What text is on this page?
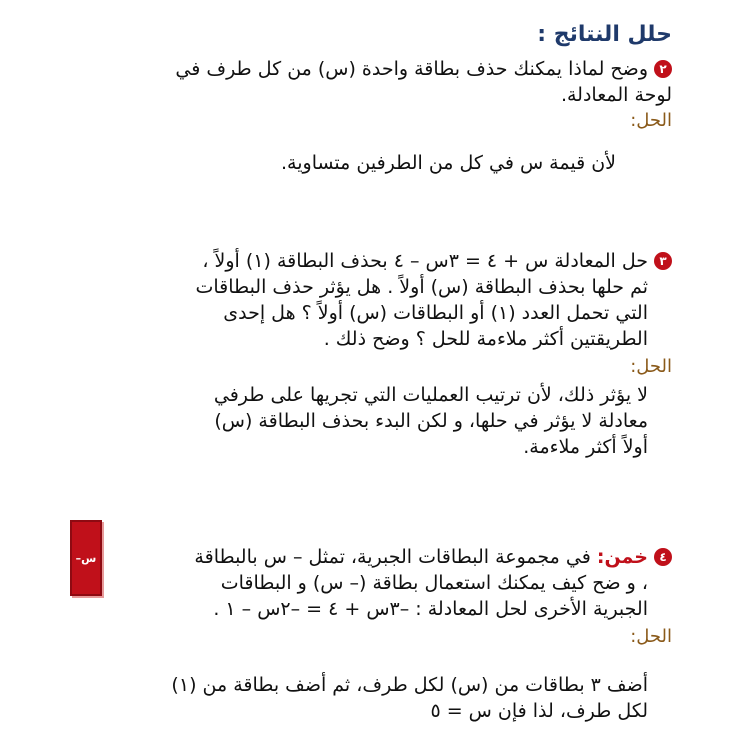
حلل النتائج :
٢وضح لماذا يمكنك حذف بطاقة واحدة (س) من كل طرف في
لوحة المعادلة.
الحل:
لأن قيمة س في كل من الطرفين متساوية.
٣حل المعادلة س + ٤ = ٣س – ٤ بحذف البطاقة (١) أولاً ،
ثم حلها بحذف البطاقة (س) أولاً . هل يؤثر حذف البطاقات
التي تحمل العدد (١) أو البطاقات (س) أولاً ؟ هل إحدى
الطريقتين أكثر ملاءمة للحل ؟ وضح ذلك .
الحل:
لا يؤثر ذلك، لأن ترتيب العمليات التي تجريها على طرفي
معادلة لا يؤثر في حلها، و لكن البدء بحذف البطاقة (س)
أولاً أكثر ملاءمة.
–س	٤خمن: في مجموعة البطاقات الجبرية، تمثل – س بالبطاقة
، و ضح كيف يمكنك استعمال بطاقة (– س) و البطاقات
الجبرية الأخرى لحل المعادلة : –٣س + ٤ = –٢س – ١ .
الحل:
أضف ٣ بطاقات من (س) لكل طرف، ثم أضف بطاقة من (١)
لكل طرف، لذا فإن س = ٥
